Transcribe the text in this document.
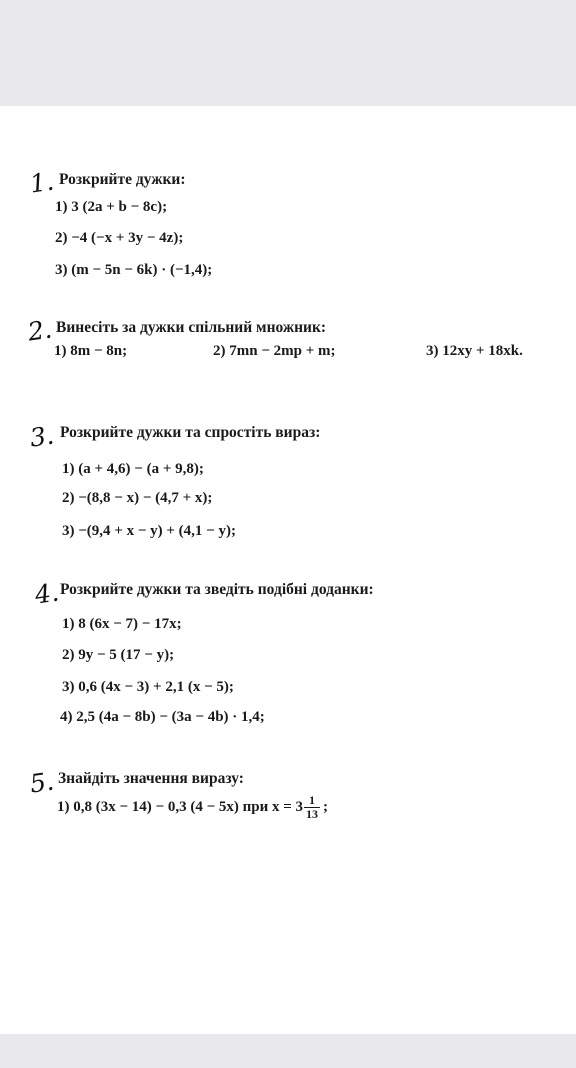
1. Розкрийте дужки:
1) 3 (2a + b − 8c);
2) −4 (−x + 3y − 4z);
3) (m − 5n − 6k) · (−1,4);
2. Винесіть за дужки спільний множник:
1) 8m − 8n;	2) 7mn − 2mp + m;	3) 12xy + 18xk.
3. Розкрийте дужки та спростіть вираз:
1) (a + 4,6) − (a + 9,8);
2) −(8,8 − x) − (4,7 + x);
3) −(9,4 + x − y) + (4,1 − y);
4. Розкрийте дужки та зведіть подібні доданки:
1) 8 (6x − 7) − 17x;
2) 9y − 5 (17 − y);
3) 0,6 (4x − 3) + 2,1 (x − 5);
4) 2,5 (4a − 8b) − (3a − 4b) · 1,4;
5. Знайдіть значення виразу:
1) 0,8 (3x − 14) − 0,3 (4 − 5x) при $x = 3 \frac{1}{13}$ ;
